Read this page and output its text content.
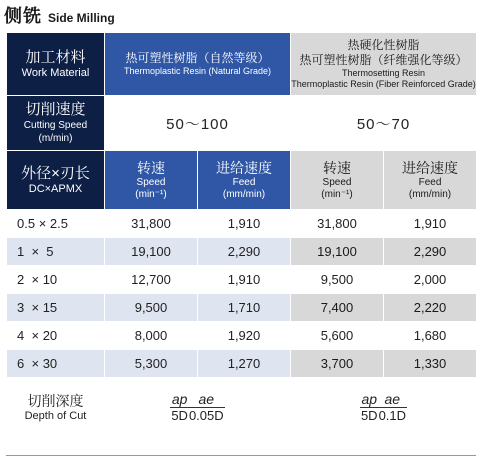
侧铣 Side Milling
加工材料
Work Material

热可塑性树脂（自然等级）
Thermoplastic Resin (Natural Grade)

热硬化性树脂
热可塑性树脂（纤维强化等级）
Thermosetting Resin
Thermoplastic Resin (Fiber Reinforced Grade)

切削速度
Cutting Speed
(m/min)
	50～100	50～70

外径×刃长
DC×APMX

转速
Speed
(min⁻¹)

进给速度
Feed
(mm/min)

转速
Speed
(min⁻¹)

进给速度
Feed
(mm/min)

0.5 × 2.5	31,800	1,910	31,800	1,910
1 × 5	19,100	2,290	19,100	2,290
2 × 10	12,700	1,910	9,500	2,000
3 × 15	9,500	1,710	7,400	2,220
4 × 20	8,000	1,920	5,600	1,680
6 × 30	5,300	1,270	3,700	1,330

切削深度
Depth of Cut

ap	ae
5D	0.05D

ap	ae
5D	0.1D
